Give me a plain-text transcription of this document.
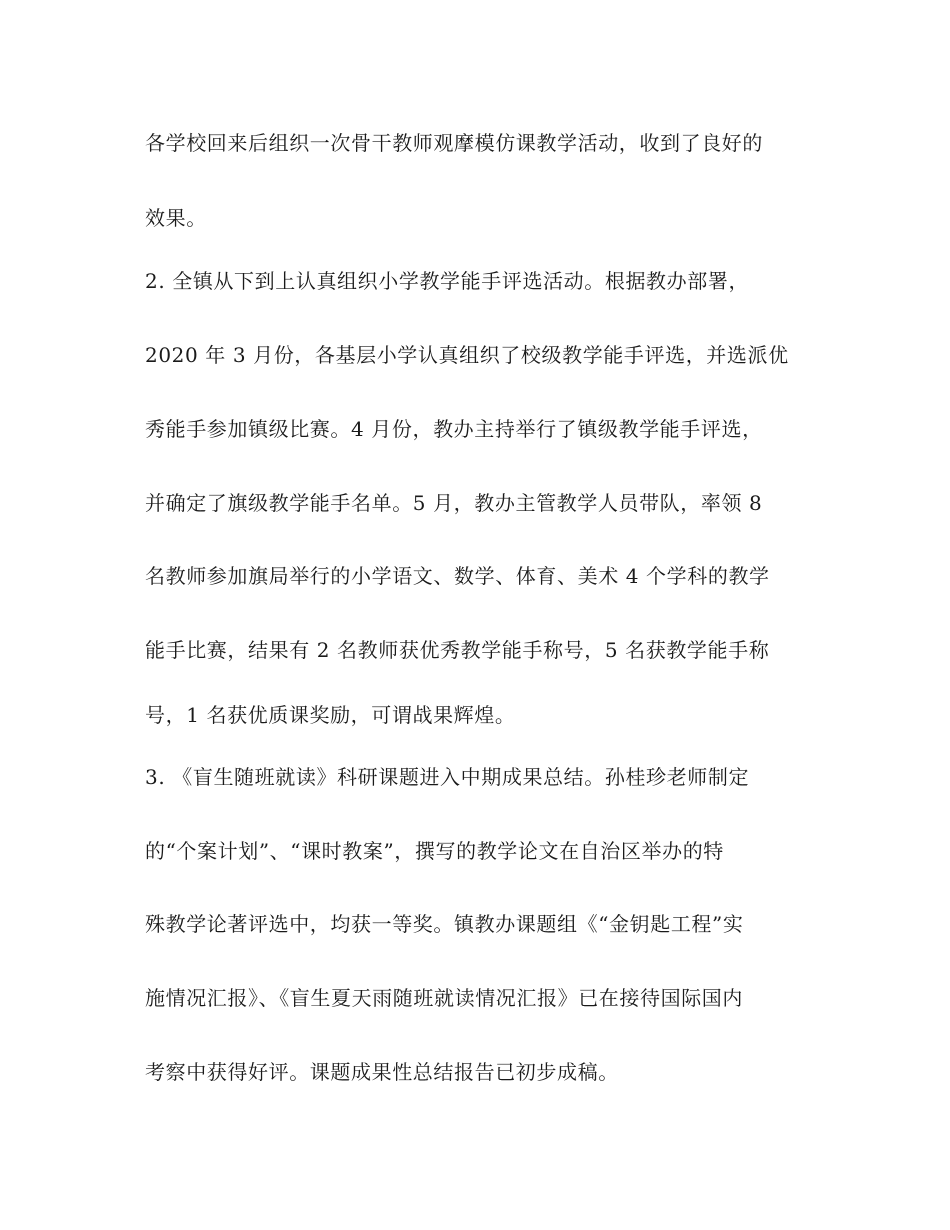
各学校回来后组织一次骨干教师观摩模仿课教学活动，收到了良好的
效果。
2. 全镇从下到上认真组织小学教学能手评选活动。根据教办部署，
2020 年 3 月份，各基层小学认真组织了校级教学能手评选，并选派优
秀能手参加镇级比赛。4 月份，教办主持举行了镇级教学能手评选，
并确定了旗级教学能手名单。5 月，教办主管教学人员带队，率领 8
名教师参加旗局举行的小学语文、数学、体育、美术 4 个学科的教学
能手比赛，结果有 2 名教师获优秀教学能手称号，5 名获教学能手称
号，1 名获优质课奖励，可谓战果辉煌。
3. 《盲生随班就读》科研课题进入中期成果总结。孙桂珍老师制定
的“个案计划”、“课时教案”，撰写的教学论文在自治区举办的特
殊教学论著评选中，均获一等奖。镇教办课题组《“金钥匙工程”实
施情况汇报》、《盲生夏天雨随班就读情况汇报》已在接待国际国内
考察中获得好评。课题成果性总结报告已初步成稿。
